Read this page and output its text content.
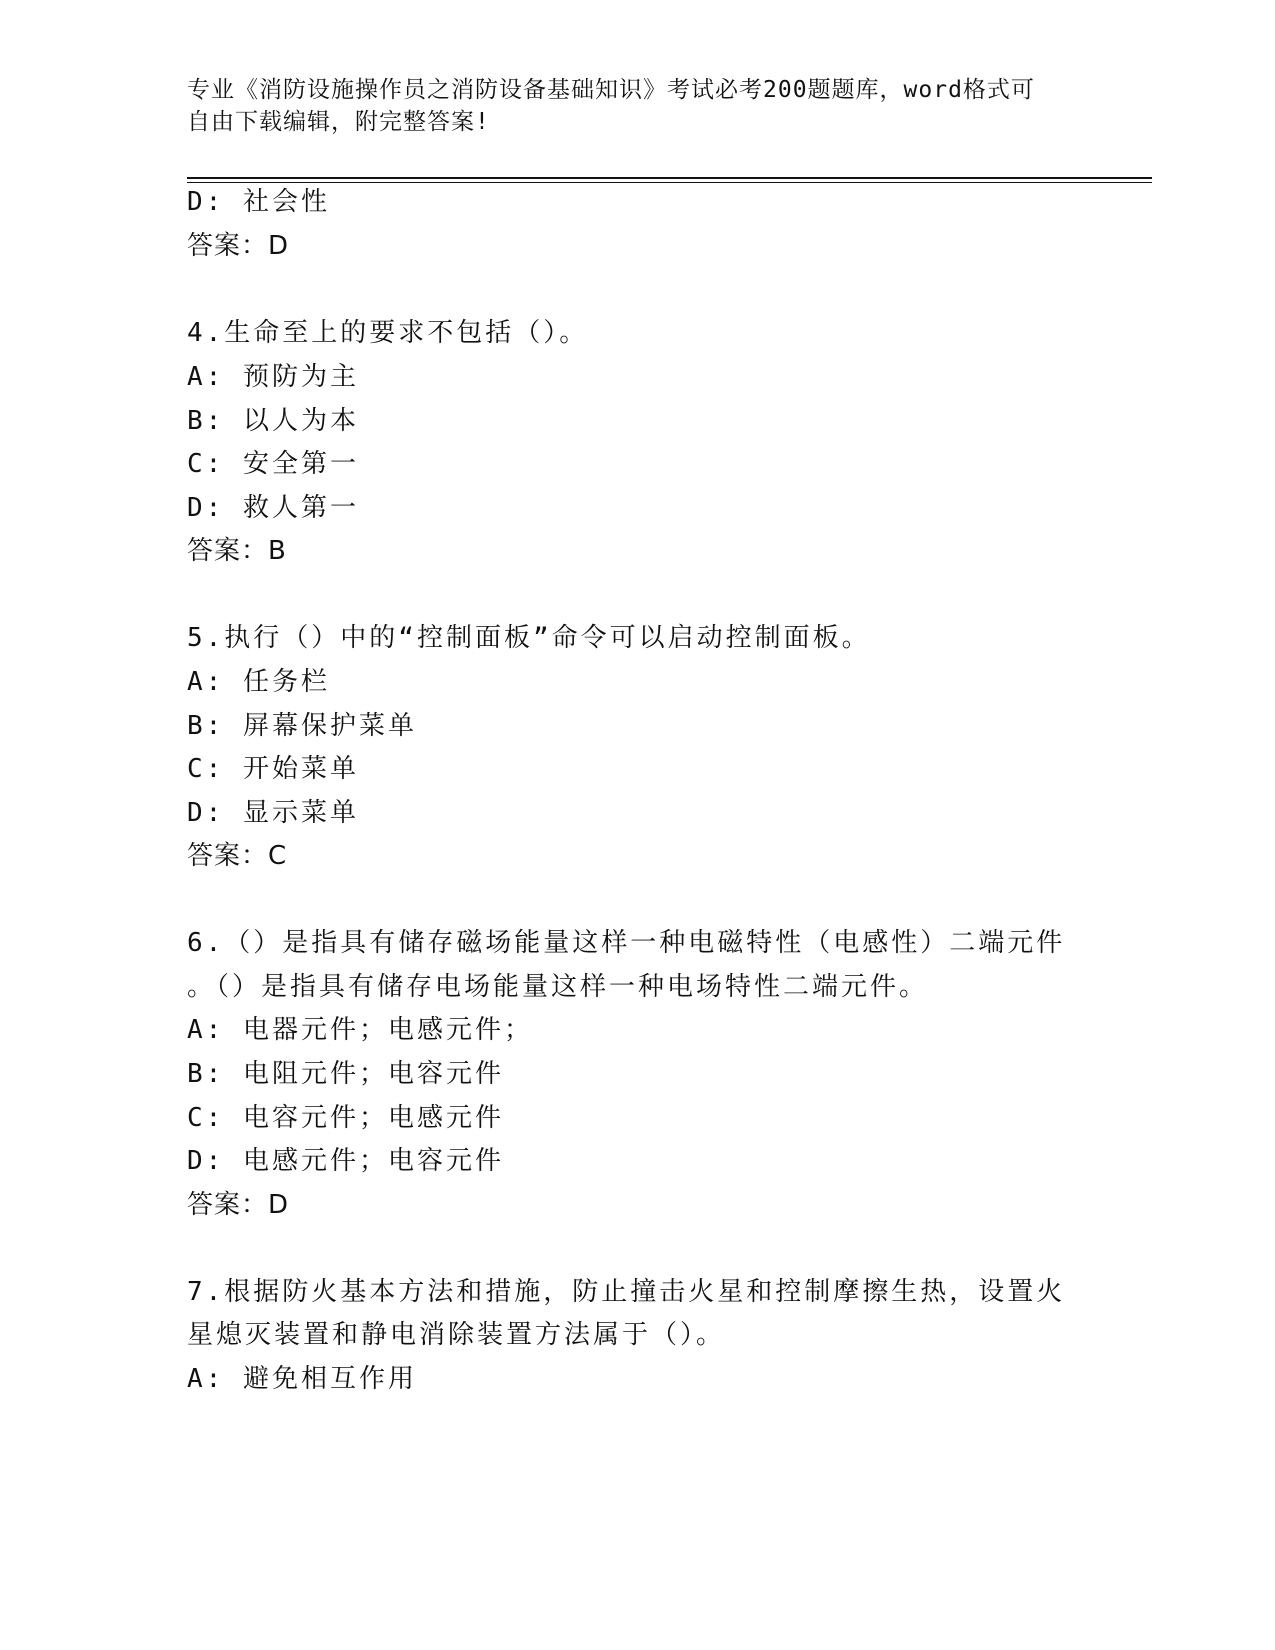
专业《消防设施操作员之消防设备基础知识》考试必考200题题库，word格式可
自由下载编辑，附完整答案!
D: 社会性
答案：D
4.生命至上的要求不包括（）。
A: 预防为主
B: 以人为本
C: 安全第一
D: 救人第一
答案：B
5.执行（）中的“控制面板”命令可以启动控制面板。
A: 任务栏
B: 屏幕保护菜单
C: 开始菜单
D: 显示菜单
答案：C
6.（）是指具有储存磁场能量这样一种电磁特性（电感性）二端元件
。（）是指具有储存电场能量这样一种电场特性二端元件。
A: 电器元件；电感元件；
B: 电阻元件；电容元件
C: 电容元件；电感元件
D: 电感元件；电容元件
答案：D
7.根据防火基本方法和措施，防止撞击火星和控制摩擦生热，设置火
星熄灭装置和静电消除装置方法属于（）。
A: 避免相互作用
